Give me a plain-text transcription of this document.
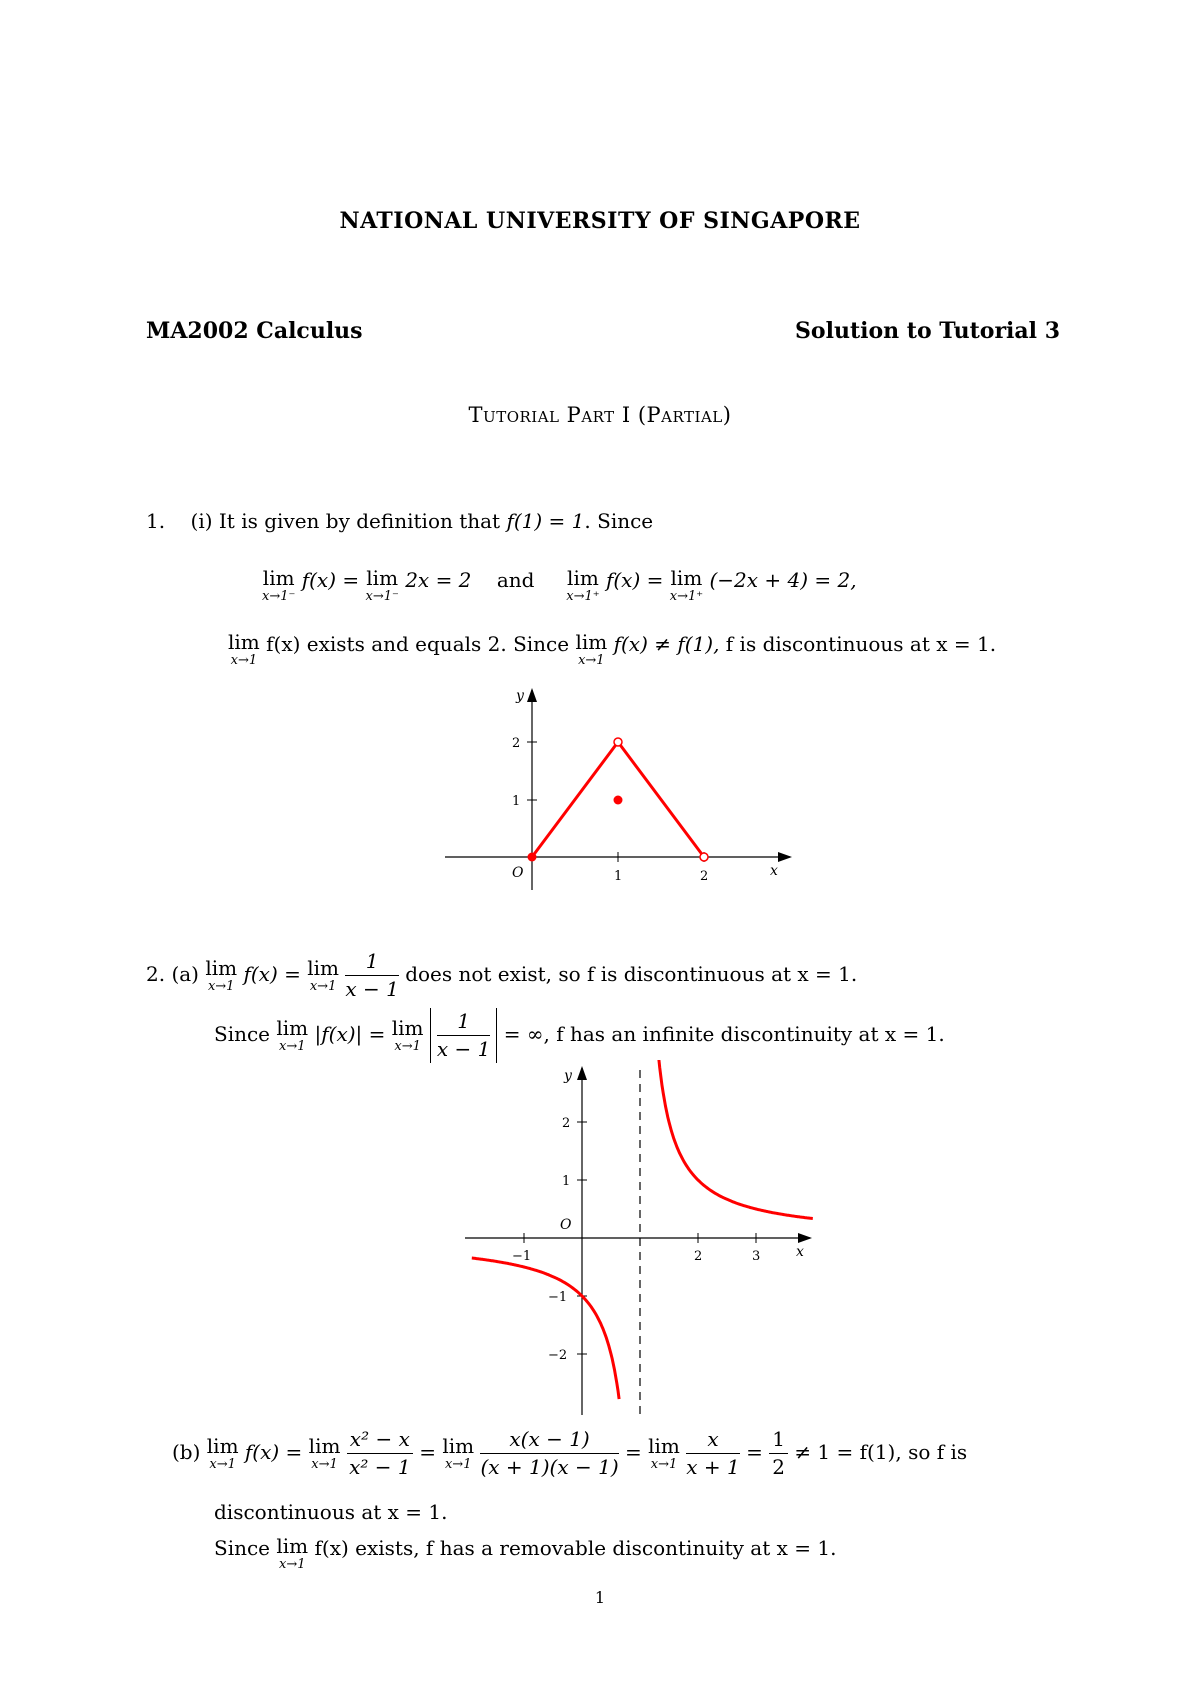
NATIONAL UNIVERSITY OF SINGAPORE
MA2002 Calculus	Solution to Tutorial 3
Tutorial Part I (Partial)
1. (i) It is given by definition that f(1) = 1. Since
lim
x→1⁻
f(x) = lim
x→1⁻
2x = 2 and lim
x→1⁺
f(x) = lim
x→1⁺
(−2x + 4) = 2,
lim
x→1
f(x) exists and equals 2. Since lim
x→1
f(x) ≠ f(1), f is discontinuous at x = 1.
y
x
O	1	2
1
2
2. (a) lim
x→1
f(x) = lim
x→1
$\frac{1}{x - 1}$ does not exist, so f is discontinuous at x = 1.
Since lim
x→1
|f(x)| = lim
x→1
$\frac{1}{x - 1}$ = ∞, f has an infinite discontinuity at x = 1.
y
x
O
−1	2	3
2
1
−1
−2
(b) lim
x→1
f(x) = lim
x→1
$\frac{\text{x² − x}}{\text{x² − 1}} = \lim$
x→1
$\frac{x(x - 1)}{(x + 1)(x - 1)} = \lim$
x→1
$\frac{x}{x + 1} = \frac{1}{2} \ne 1 = f(1)$, so f is
discontinuous at x = 1.
Since lim
x→1
f(x) exists, f has a removable discontinuity at x = 1.
1
